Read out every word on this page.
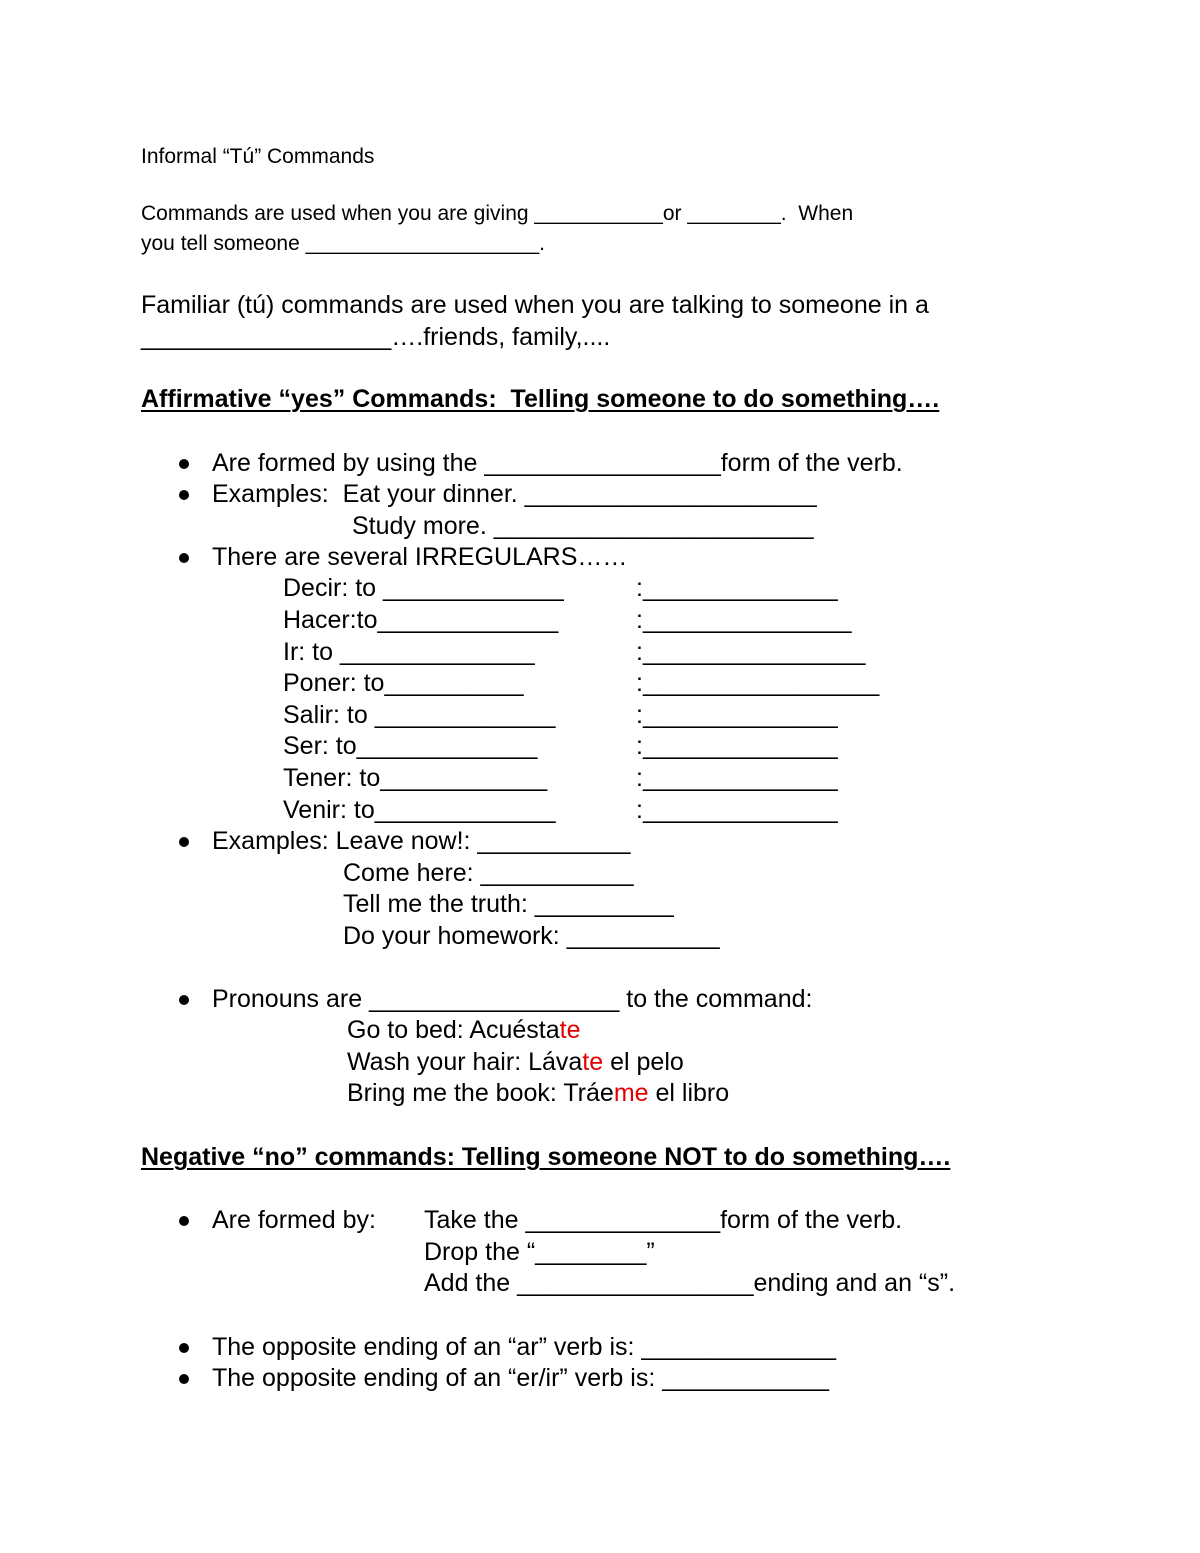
Informal “Tú” Commands
Commands are used when you are giving ___________or ________.  When
you tell someone ____________________.
Familiar (tú) commands are used when you are talking to someone in a
__________________….friends, family,....
Affirmative “yes” Commands:  Telling someone to do something….
Are formed by using the _________________form of the verb.
Examples:  Eat your dinner. _____________________
Study more. _______________________
There are several IRREGULARS……
Decir: to _____________	:______________
Hacer:to_____________	:_______________
Ir: to ______________	:________________
Poner: to__________	:_________________
Salir: to _____________	:______________
Ser: to_____________	:______________
Tener: to____________	:______________
Venir: to_____________	:______________
Examples: Leave now!: ___________
Come here: ___________
Tell me the truth: __________
Do your homework: ___________
Pronouns are __________________ to the command:
Go to bed: Acuéstate
Wash your hair: Lávate el pelo
Bring me the book: Tráeme el libro
Negative “no” commands: Telling someone NOT to do something….
Are formed by: Take the ______________form of the verb.
Drop the “________”
Add the _________________ending and an “s”.
The opposite ending of an “ar” verb is: ______________
The opposite ending of an “er/ir” verb is: ____________
